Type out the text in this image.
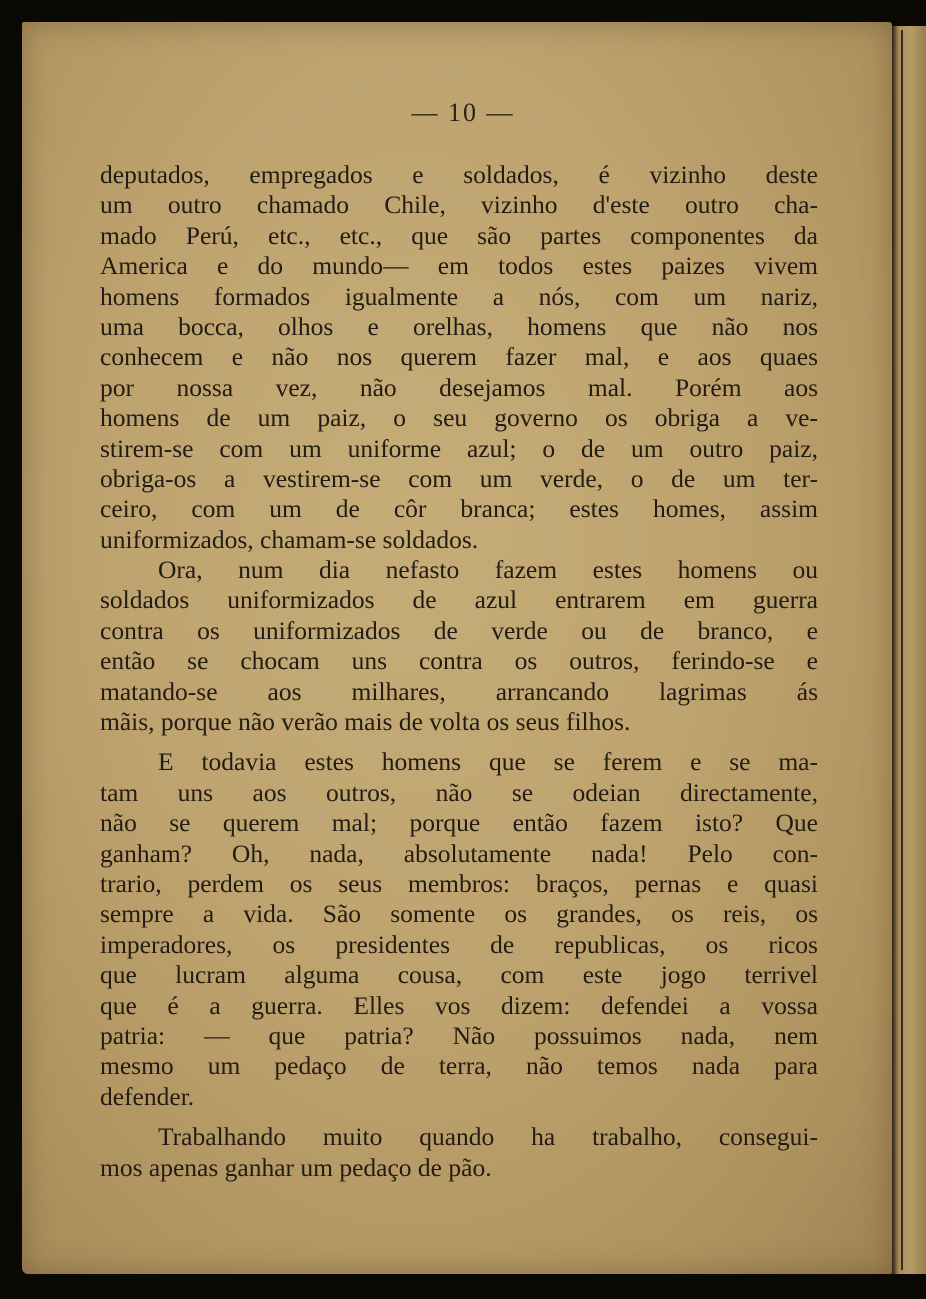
— 10 —
deputados, empregados e soldados, é vizinho deste
um outro chamado Chile, vizinho d'este outro cha-
mado Perú, etc., etc., que são partes componentes da
America e do mundo— em todos estes paizes vivem
homens formados igualmente a nós, com um nariz,
uma bocca, olhos e orelhas, homens que não nos
conhecem e não nos querem fazer mal, e aos quaes
por nossa vez, não desejamos mal. Porém aos
homens de um paiz, o seu governo os obriga a ve-
stirem-se com um uniforme azul; o de um outro paiz,
obriga-os a vestirem-se com um verde, o de um ter-
ceiro, com um de côr branca; estes homes, assim
uniformizados, chamam-se soldados.
Ora, num dia nefasto fazem estes homens ou
soldados uniformizados de azul entrarem em guerra
contra os uniformizados de verde ou de branco, e
então se chocam uns contra os outros, ferindo-se e
matando-se aos milhares, arrancando lagrimas ás
mãis, porque não verão mais de volta os seus filhos.
E todavia estes homens que se ferem e se ma-
tam uns aos outros, não se odeian directamente,
não se querem mal; porque então fazem isto? Que
ganham? Oh, nada, absolutamente nada! Pelo con-
trario, perdem os seus membros: braços, pernas e quasi
sempre a vida. São somente os grandes, os reis, os
imperadores, os presidentes de republicas, os ricos
que lucram alguma cousa, com este jogo terrivel
que é a guerra. Elles vos dizem: defendei a vossa
patria: — que patria? Não possuimos nada, nem
mesmo um pedaço de terra, não temos nada para
defender.
Trabalhando muito quando ha trabalho, consegui-
mos apenas ganhar um pedaço de pão.
